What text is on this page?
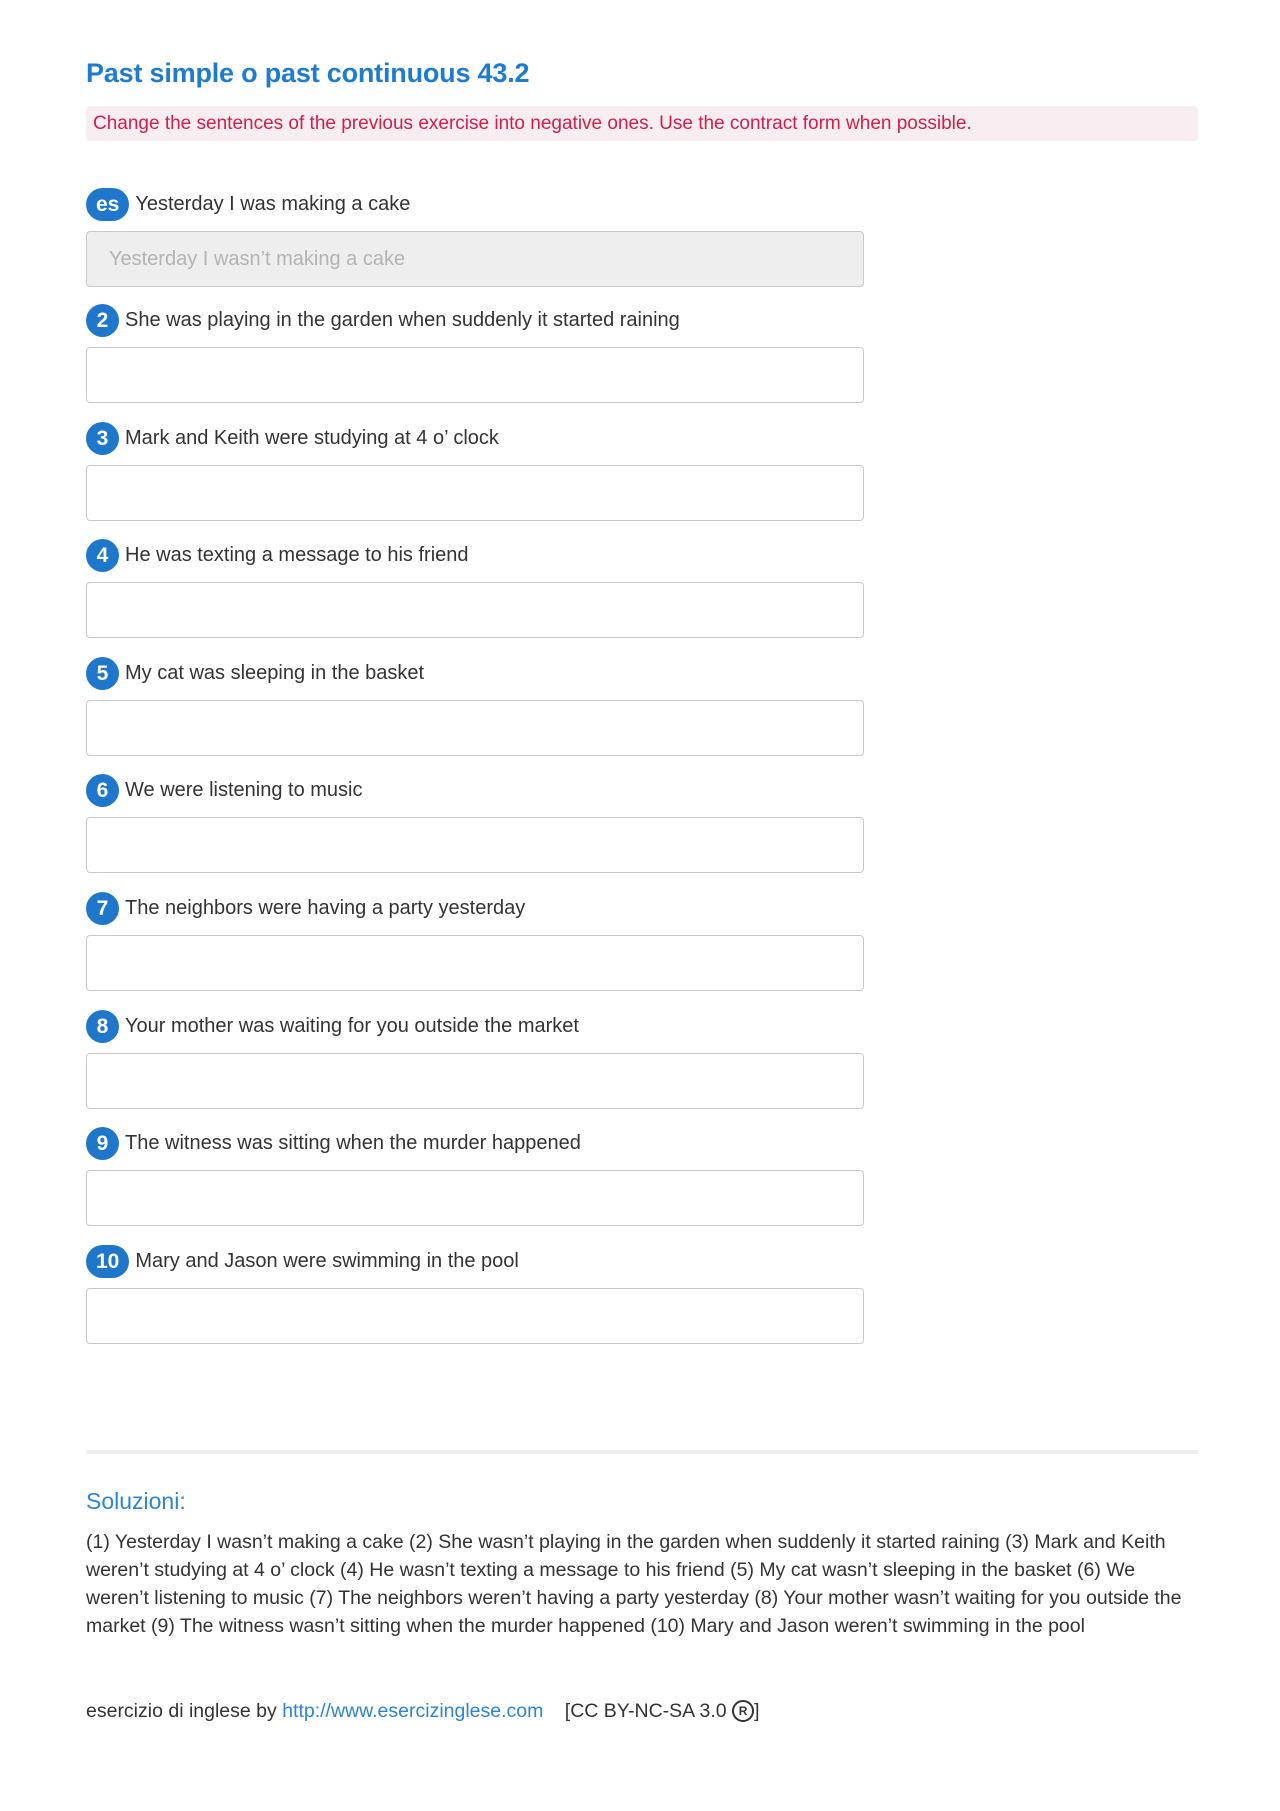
Past simple o past continuous 43.2
Change the sentences of the previous exercise into negative ones. Use the contract form when possible.
es Yesterday I was making a cake
Yesterday I wasn’t making a cake
2 She was playing in the garden when suddenly it started raining
3 Mark and Keith were studying at 4 o’ clock
4 He was texting a message to his friend
5 My cat was sleeping in the basket
6 We were listening to music
7 The neighbors were having a party yesterday
8 Your mother was waiting for you outside the market
9 The witness was sitting when the murder happened
10 Mary and Jason were swimming in the pool
Soluzioni:

(1) Yesterday I wasn’t making a cake (2) She wasn’t playing in the garden when suddenly it started raining (3) Mark and Keith weren’t studying at 4 o’ clock (4) He wasn’t texting a message to his friend (5) My cat wasn’t sleeping in the basket (6) We weren’t listening to music (7) The neighbors weren’t having a party yesterday (8) Your mother wasn’t waiting for you outside the market (9) The witness wasn’t sitting when the murder happened (10) Mary and Jason weren’t swimming in the pool

esercizio di inglese by http://www.esercizinglese.com [CC BY-NC-SA 3.0 R ]
